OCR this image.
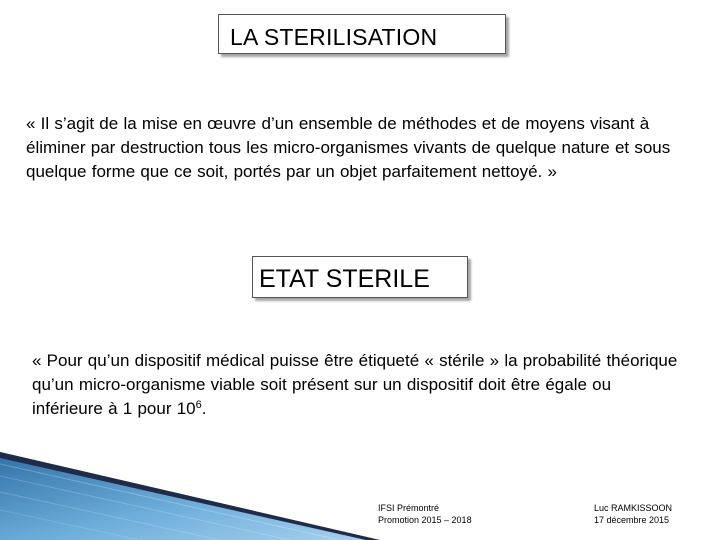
LA STERILISATION
« Il s’agit de la mise en œuvre d’un ensemble de méthodes et de moyens visant à éliminer par destruction tous les micro-organismes vivants de quelque nature et sous quelque forme que ce soit, portés par un objet parfaitement nettoyé. »
ETAT STERILE
« Pour qu’un dispositif médical puisse être étiqueté « stérile » la probabilité théorique qu’un micro-organisme viable soit présent sur un dispositif doit être égale ou inférieure à 1 pour $10^6$.
IFSI Prémontré
Promotion 2015 – 2018
Luc RAMKISSOON
17 décembre 2015
